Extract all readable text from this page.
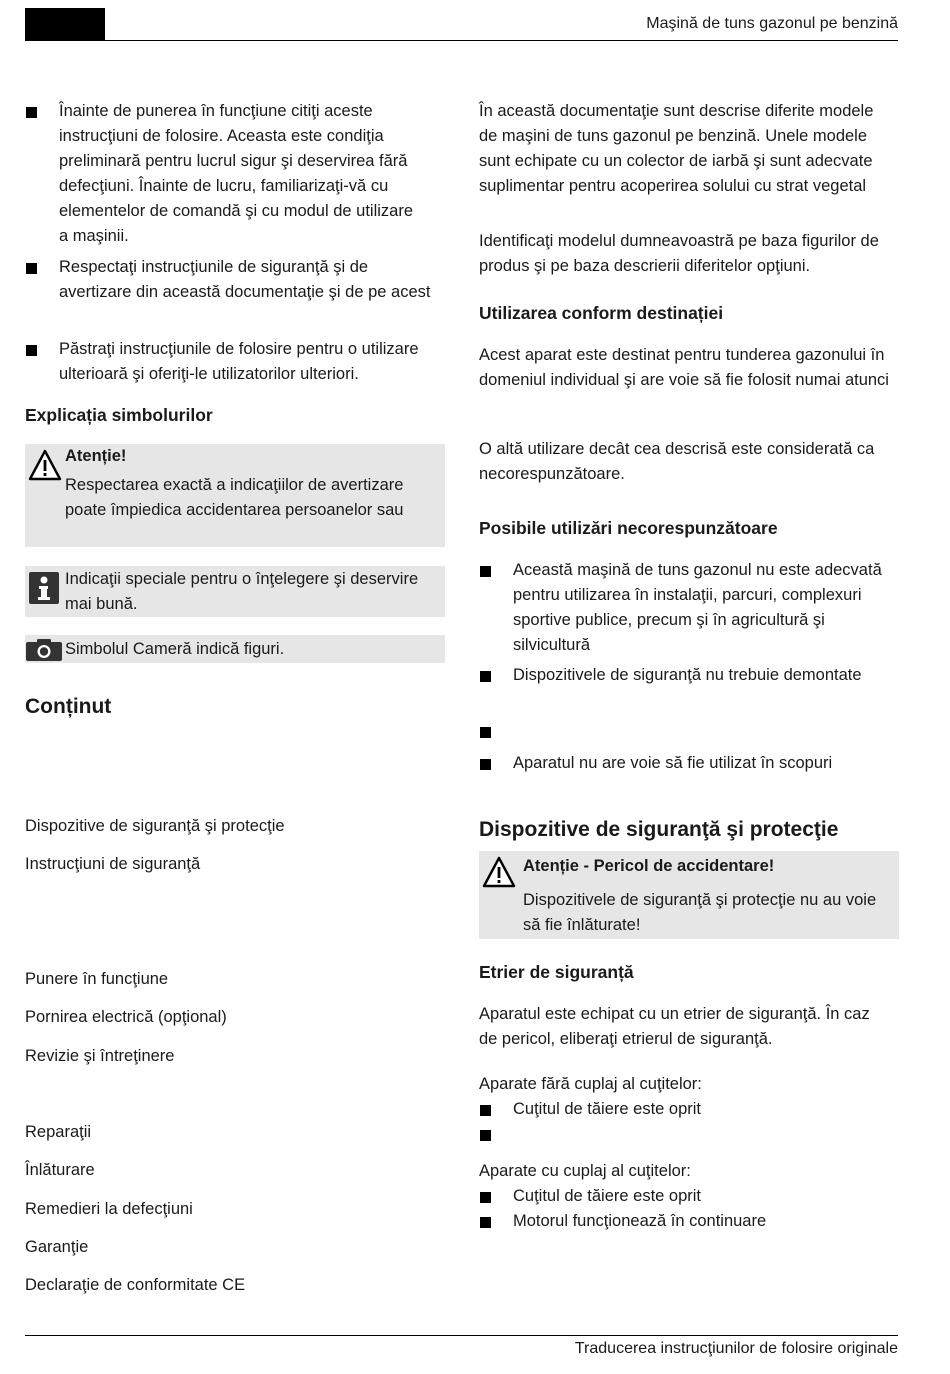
Maşină de tuns gazonul pe benzină
Traducerea instrucţiunilor de folosire originale
Înainte de punerea în funcţiune citiţi aceste
instrucţiuni de folosire. Aceasta este condiţia
preliminară pentru lucrul sigur şi deservirea fără
defecţiuni. Înainte de lucru, familiarizaţi-vă cu
elementelor de comandă şi cu modul de utilizare
a maşinii.
Respectaţi instrucţiunile de siguranţă şi de
avertizare din această documentaţie şi de pe acest
Păstraţi instrucţiunile de folosire pentru o utilizare
ulterioară şi oferiţi-le utilizatorilor ulteriori.
Explicația simbolurilor
Atenție!
Respectarea exactă a indicaţiilor de avertizare
poate împiedica accidentarea persoanelor sau
Indicaţii speciale pentru o înţelegere şi deservire
mai bună.
Simbolul Cameră indică figuri.
Conținut
Dispozitive de siguranţă şi protecţie
Instrucţiuni de siguranţă
Punere în funcţiune
Pornirea electrică (opţional)
Revizie şi întreţinere
Reparaţii
Înlăturare
Remedieri la defecţiuni
Garanţie
Declaraţie de conformitate CE
În această documentaţie sunt descrise diferite modele
de maşini de tuns gazonul pe benzină. Unele modele
sunt echipate cu un colector de iarbă şi sunt adecvate
suplimentar pentru acoperirea solului cu strat vegetal
Identificaţi modelul dumneavoastră pe baza figurilor de
produs şi pe baza descrierii diferitelor opţiuni.
Utilizarea conform destinației
Acest aparat este destinat pentru tunderea gazonului în
domeniul individual şi are voie să fie folosit numai atunci
O altă utilizare decât cea descrisă este considerată ca
necorespunzătoare.
Posibile utilizări necorespunzătoare
Această maşină de tuns gazonul nu este adecvată
pentru utilizarea în instalaţii, parcuri, complexuri
sportive publice, precum şi în agricultură şi
silvicultură
Dispozitivele de siguranţă nu trebuie demontate
Aparatul nu are voie să fie utilizat în scopuri
Dispozitive de siguranţă şi protecţie
Atenție - Pericol de accidentare!
Dispozitivele de siguranţă şi protecţie nu au voie
să fie înlăturate!
Etrier de siguranță
Aparatul este echipat cu un etrier de siguranţă. În caz
de pericol, eliberaţi etrierul de siguranţă.
Aparate fără cuplaj al cuţitelor:
Cuţitul de tăiere este oprit
Aparate cu cuplaj al cuţitelor:
Cuţitul de tăiere este oprit
Motorul funcţionează în continuare
